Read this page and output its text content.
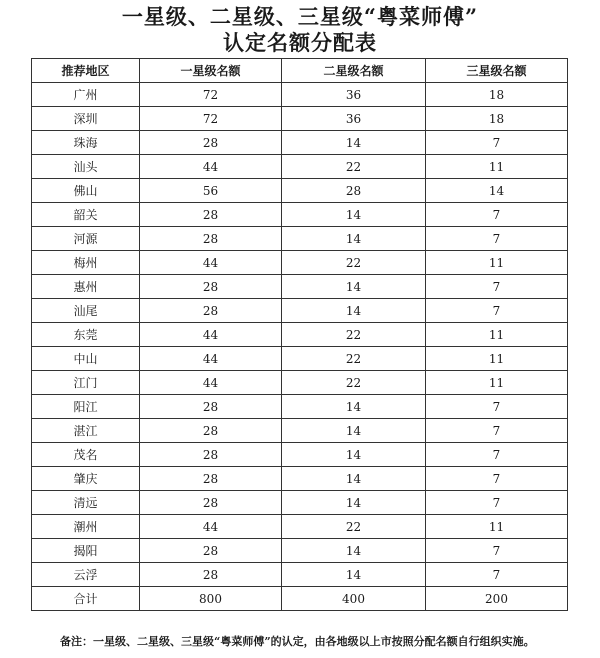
一星级、二星级、三星级“粤菜师傅”
认定名额分配表
推荐地区	一星级名额	二星级名额	三星级名额
广州	72	36	18
深圳	72	36	18
珠海	28	14	7
汕头	44	22	11
佛山	56	28	14
韶关	28	14	7
河源	28	14	7
梅州	44	22	11
惠州	28	14	7
汕尾	28	14	7
东莞	44	22	11
中山	44	22	11
江门	44	22	11
阳江	28	14	7
湛江	28	14	7
茂名	28	14	7
肇庆	28	14	7
清远	28	14	7
潮州	44	22	11
揭阳	28	14	7
云浮	28	14	7
合计	800	400	200
备注：一星级、二星级、三星级“粤菜师傅”的认定，由各地级以上市按照分配名额自行组织实施。
